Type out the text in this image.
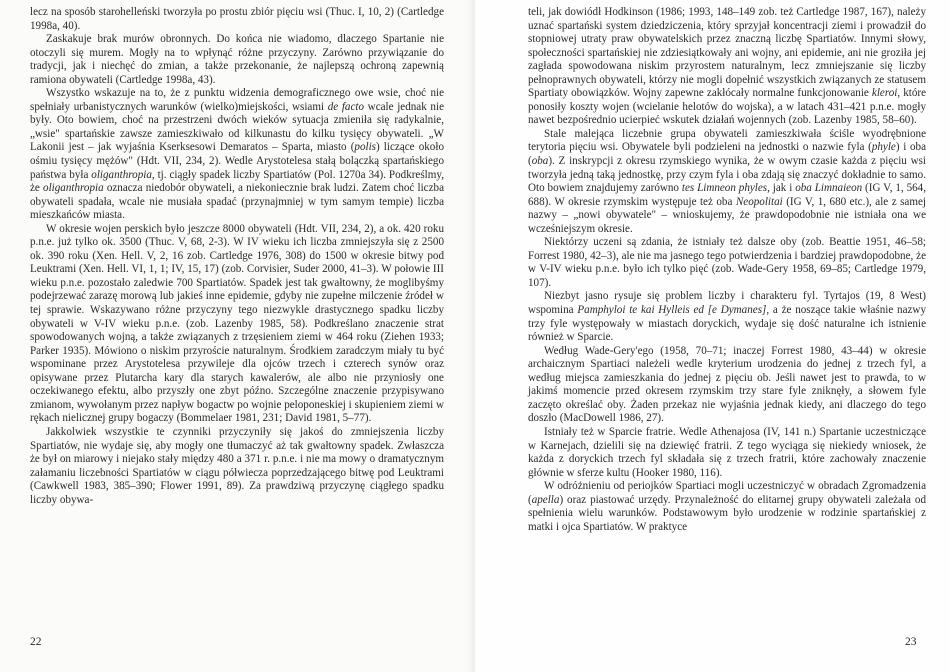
lecz na sposób starohelleński tworzyła po prostu zbiór pięciu wsi (Thuc. I, 10, 2) (Cartledge 1998a, 40).

Zaskakuje brak murów obronnych. Do końca nie wiadomo, dlaczego Spartanie nie otoczyli się murem. Mogły na to wpłynąć różne przyczyny. Zarówno przywiązanie do tradycji, jak i niechęć do zmian, a także przekonanie, że najlepszą ochroną zapewnią ramiona obywateli (Cartledge 1998a, 43).

Wszystko wskazuje na to, że z punktu widzenia demograficznego owe wsie, choć nie spełniały urbanistycznych warunków (wielko)miejskości, wsiami de facto wcale jednak nie były. Oto bowiem, choć na przestrzeni dwóch wieków sytuacja zmieniła się radykalnie, „wsie" spartańskie zawsze zamieszkiwało od kilkunastu do kilku tysięcy obywateli. „W Lakonii jest – jak wyjaśnia Kserksesowi Demaratos – Sparta, miasto (polis) liczące około ośmiu tysięcy mężów" (Hdt. VII, 234, 2). Wedle Arystotelesa stałą bolączką spartańskiego państwa była oliganthropia, tj. ciągły spadek liczby Spartiatów (Pol. 1270a 34). Podkreślmy, że oliganthropia oznacza niedobór obywateli, a niekoniecznie brak ludzi. Zatem choć liczba obywateli spadała, wcale nie musiała spadać (przynajmniej w tym samym tempie) liczba mieszkańców miasta.

W okresie wojen perskich było jeszcze 8000 obywateli (Hdt. VII, 234, 2), a ok. 420 roku p.n.e. już tylko ok. 3500 (Thuc. V, 68, 2-3). W IV wieku ich liczba zmniejszyła się z 2500 ok. 390 roku (Xen. Hell. V, 2, 16 zob. Cartledge 1976, 308) do 1500 w okresie bitwy pod Leuktrami (Xen. Hell. VI, 1, 1; IV, 15, 17) (zob. Corvisier, Suder 2000, 41–3). W połowie III wieku p.n.e. pozostało zaledwie 700 Spartiatów. Spadek jest tak gwałtowny, że moglibyśmy podejrzewać zarazę morową lub jakieś inne epidemie, gdyby nie zupełne milczenie źródeł w tej sprawie. Wskazywano różne przyczyny tego niezwykle drastycznego spadku liczby obywateli w V-IV wieku p.n.e. (zob. Lazenby 1985, 58). Podkreślano znaczenie strat spowodowanych wojną, a także związanych z trzęsieniem ziemi w 464 roku (Ziehen 1933; Parker 1935). Mówiono o niskim przyroście naturalnym. Środkiem zaradczym miały tu być wspominane przez Arystotelesa przywileje dla ojców trzech i czterech synów oraz opisywane przez Plutarcha kary dla starych kawalerów, ale albo nie przyniosły one oczekiwanego efektu, albo przyszły one zbyt późno. Szczególne znaczenie przypisywano zmianom, wywołanym przez napływ bogactw po wojnie peloponeskiej i skupieniem ziemi w rękach nielicznej grupy bogaczy (Bommelaer 1981, 231; David 1981, 5–77).

Jakkolwiek wszystkie te czynniki przyczyniły się jakoś do zmniejszenia liczby Spartiatów, nie wydaje się, aby mogły one tłumaczyć aż tak gwałtowny spadek. Zwłaszcza że był on miarowy i niejako stały między 480 a 371 r. p.n.e. i nie ma mowy o dramatycznym załamaniu liczebności Spartiatów w ciągu półwiecza poprzedzającego bitwę pod Leuktrami (Cawkwell 1983, 385–390; Flower 1991, 89). Za prawdziwą przyczynę ciągłego spadku liczby obywa-

22

teli, jak dowiódł Hodkinson (1986; 1993, 148–149 zob. też Cartledge 1987, 167), należy uznać spartański system dziedziczenia, który sprzyjał koncentracji ziemi i prowadził do stopniowej utraty praw obywatelskich przez znaczną liczbę Spartiatów. Innymi słowy, społeczności spartańskiej nie zdziesiątkowały ani wojny, ani epidemie, ani nie groziła jej zagłada spowodowana niskim przyrostem naturalnym, lecz zmniejszanie się liczby pełnoprawnych obywateli, którzy nie mogli dopełnić wszystkich związanych ze statusem Spartiaty obowiązków. Wojny zapewne zakłócały normalne funkcjonowanie kleroi, które ponosiły koszty wojen (wcielanie helotów do wojska), a w latach 431–421 p.n.e. mogły nawet bezpośrednio ucierpieć wskutek działań wojennych (zob. Lazenby 1985, 58–60).

Stale malejąca liczebnie grupa obywateli zamieszkiwała ściśle wyodrębnione terytoria pięciu wsi. Obywatele byli podzieleni na jednostki o nazwie fyla (phyle) i oba (oba). Z inskrypcji z okresu rzymskiego wynika, że w owym czasie każda z pięciu wsi tworzyła jedną taką jednostkę, przy czym fyla i oba zdają się znaczyć dokładnie to samo. Oto bowiem znajdujemy zarówno tes Limneon phyles, jak i oba Limnaieon (IG V, 1, 564, 688). W okresie rzymskim występuje też oba Neopolitai (IG V, 1, 680 etc.), ale z samej nazwy – „nowi obywatele" – wnioskujemy, że prawdopodobnie nie istniała ona we wcześniejszym okresie.

Niektórzy uczeni są zdania, że istniały też dalsze oby (zob. Beattie 1951, 46–58; Forrest 1980, 42–3), ale nie ma jasnego tego potwierdzenia i bardziej prawdopodobne, że w V-IV wieku p.n.e. było ich tylko pięć (zob. Wade-Gery 1958, 69–85; Cartledge 1979, 107).

Niezbyt jasno rysuje się problem liczby i charakteru fyl. Tyrtajos (19, 8 West) wspomina Pamphyloi te kai Hylleis ed [e Dymanes], a że noszące takie właśnie nazwy trzy fyle występowały w miastach doryckich, wydaje się dość naturalne ich istnienie również w Sparcie.

Według Wade-Gery'ego (1958, 70–71; inaczej Forrest 1980, 43–44) w okresie archaicznym Spartiaci należeli wedle kryterium urodzenia do jednej z trzech fyl, a według miejsca zamieszkania do jednej z pięciu ob. Jeśli nawet jest to prawda, to w jakimś momencie przed okresem rzymskim trzy stare fyle zniknęły, a słowem fyle zaczęto określać oby. Żaden przekaz nie wyjaśnia jednak kiedy, ani dlaczego do tego doszło (MacDowell 1986, 27).

Istniały też w Sparcie fratrie. Wedle Athenajosa (IV, 141 n.) Spartanie uczestniczące w Karnejach, dzielili się na dziewięć fratrii. Z tego wyciąga się niekiedy wniosek, że każda z doryckich trzech fyl składała się z trzech fratrii, które zachowały znaczenie głównie w sferze kultu (Hooker 1980, 116).

W odróżnieniu od periojków Spartiaci mogli uczestniczyć w obradach Zgromadzenia (apella) oraz piastować urzędy. Przynależność do elitarnej grupy obywateli zależała od spełnienia wielu warunków. Podstawowym było urodzenie w rodzinie spartańskiej z matki i ojca Spartiatów. W praktyce

23
